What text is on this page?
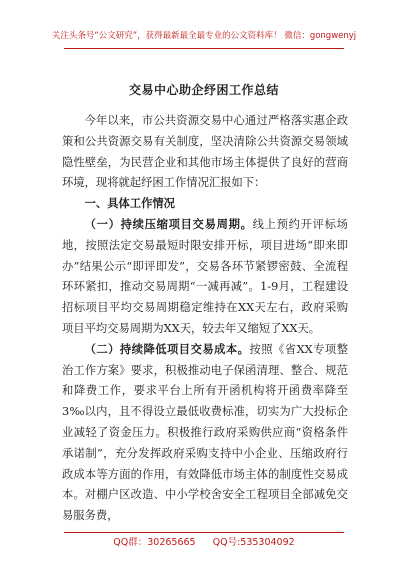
关注头条号“公文研究”，获得最新最全最专业的公文资料库！ 微信：gongwenyj
交易中心助企纾困工作总结

今年以来，市公共资源交易中心通过严格落实惠企政策和公共资源交易有关制度，坚决清除公共资源交易领域隐性壁垒，为民营企业和其他市场主体提供了良好的营商环境，现将就起纾困工作情况汇报如下：

一、具体工作情况

（一）持续压缩项目交易周期。线上预约开评标场地，按照法定交易最短时限安排开标，项目进场“即来即办”结果公示“即评即发”，交易各环节紧锣密鼓、全流程环环紧扣，推动交易周期“一减再减”。1-9月，工程建设招标项目平均交易周期稳定维持在XX天左右，政府采购项目平均交易周期为XX天，较去年又缩短了XX天。

（二）持续降低项目交易成本。按照《省XX专项整治工作方案》要求，积极推动电子保函清理、整合、规范和降费工作，要求平台上所有开函机构将开函费率降至3‰以内，且不得设立最低收费标准，切实为广大投标企业减轻了资金压力。积极推行政府采购供应商“资格条件承诺制”，充分发挥政府采购支持中小企业、压缩政府行政成本等方面的作用，有效降低市场主体的制度性交易成本。对棚户区改造、中小学校舍安全工程项目全部减免交易服务费，

QQ群：30265665 QQ号:535304092
